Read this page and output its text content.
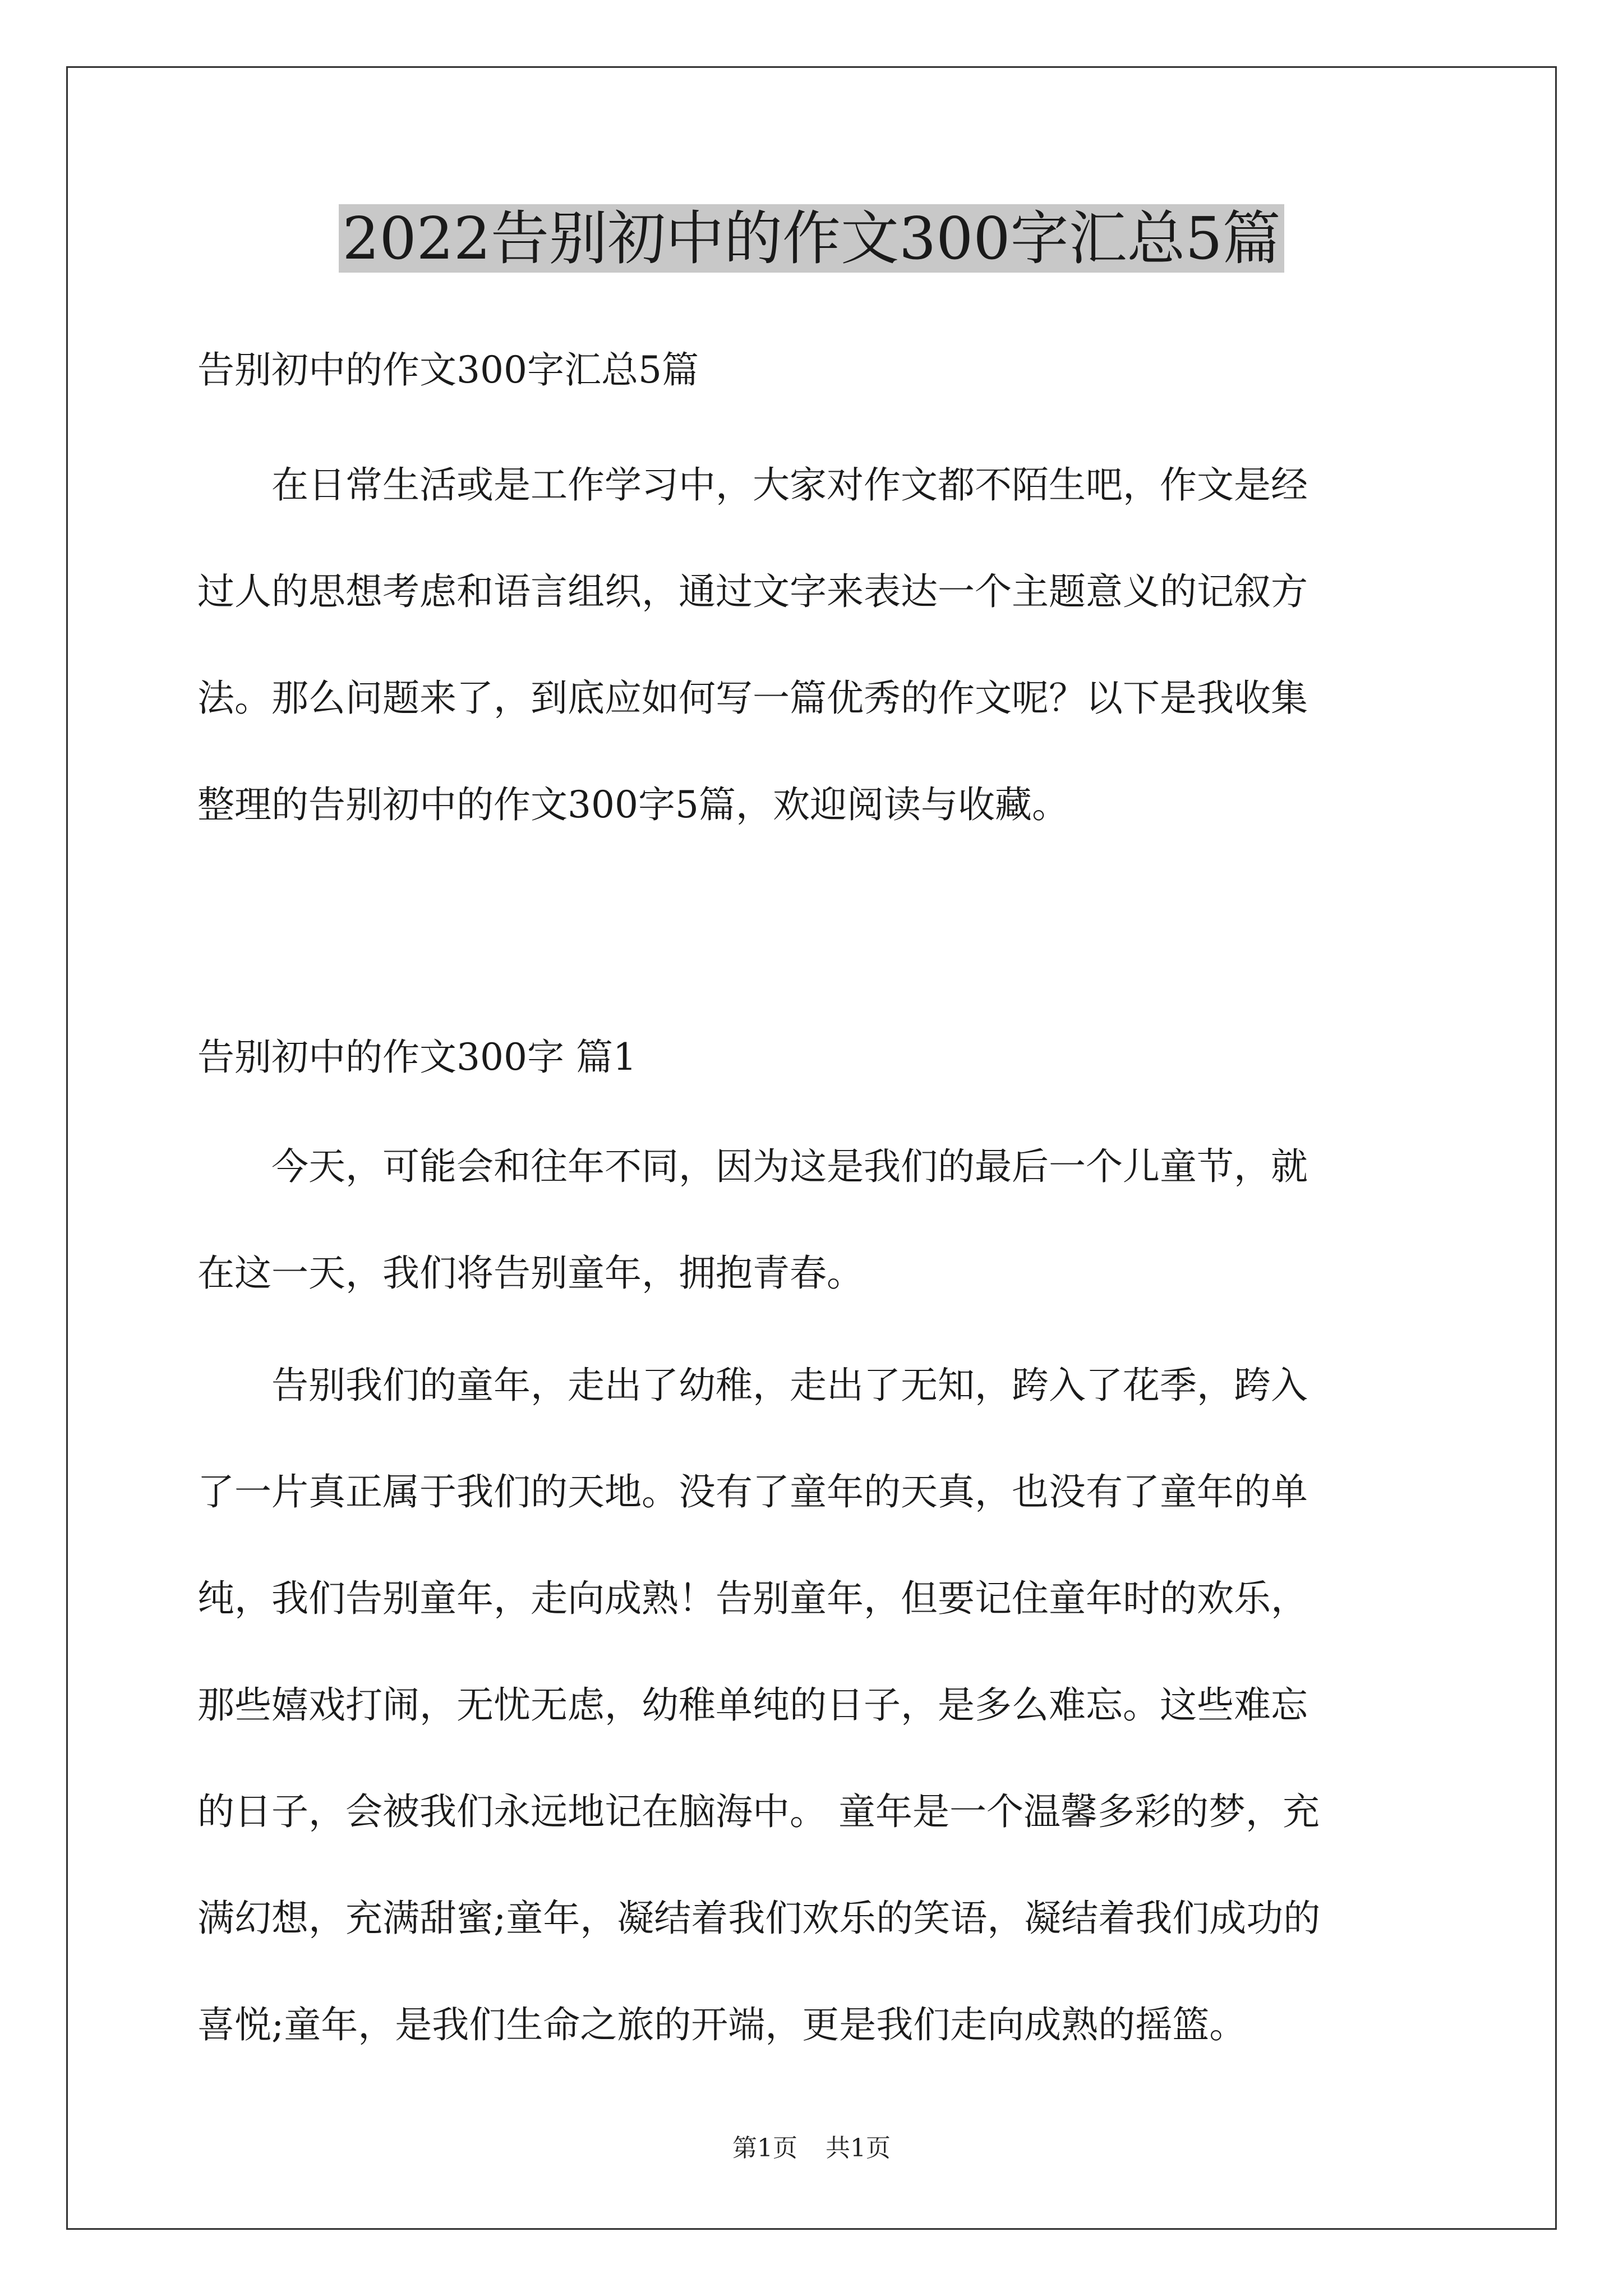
2022告别初中的作文300字汇总5篇

告别初中的作文300字汇总5篇

在日常生活或是工作学习中，大家对作文都不陌生吧，作文是经

过人的思想考虑和语言组织，通过文字来表达一个主题意义的记叙方

法。那么问题来了，到底应如何写一篇优秀的作文呢？以下是我收集

整理的告别初中的作文300字5篇，欢迎阅读与收藏。

告别初中的作文300字 篇1

今天，可能会和往年不同，因为这是我们的最后一个儿童节，就

在这一天，我们将告别童年，拥抱青春。

告别我们的童年，走出了幼稚，走出了无知，跨入了花季，跨入

了一片真正属于我们的天地。没有了童年的天真，也没有了童年的单

纯，我们告别童年，走向成熟！告别童年，但要记住童年时的欢乐，

那些嬉戏打闹，无忧无虑，幼稚单纯的日子，是多么难忘。这些难忘

的日子，会被我们永远地记在脑海中。 童年是一个温馨多彩的梦，充

满幻想，充满甜蜜;童年，凝结着我们欢乐的笑语，凝结着我们成功的

喜悦;童年，是我们生命之旅的开端，更是我们走向成熟的摇篮。

第1页 共1页
